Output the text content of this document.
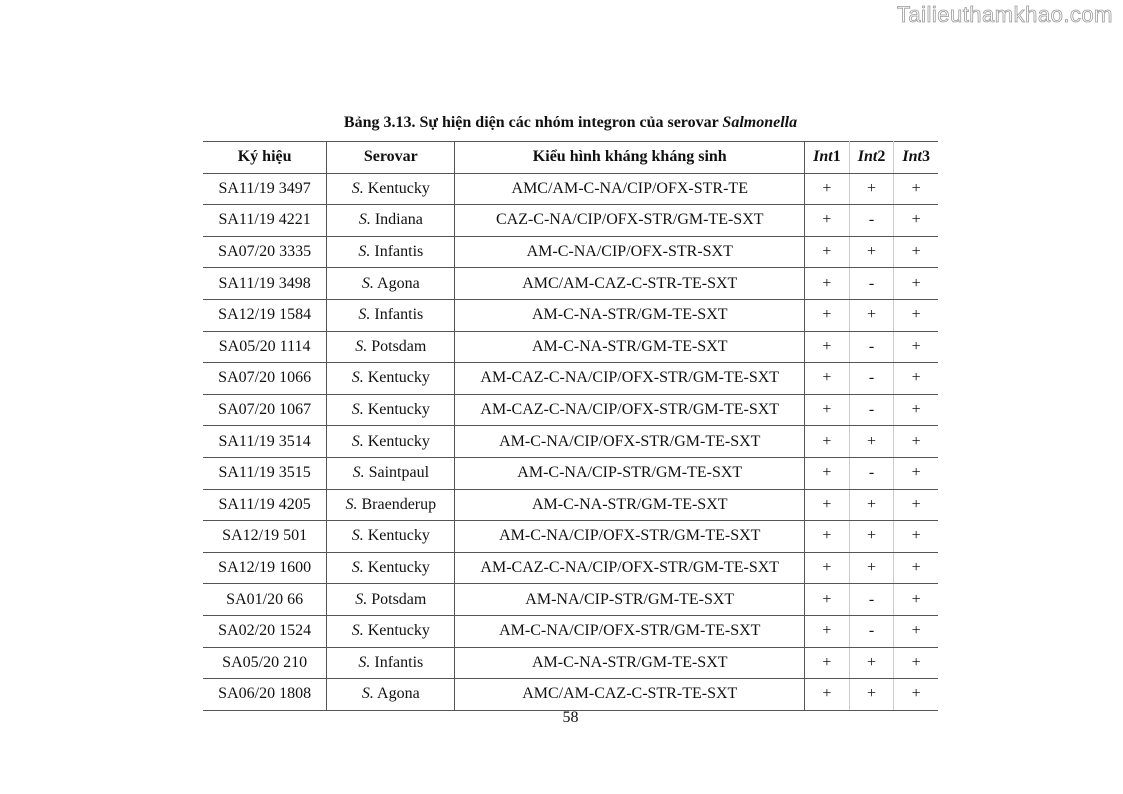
Tailieuthamkhao.com
Bảng 3.13. Sự hiện diện các nhóm integron của serovar Salmonella
Ký hiệu	Serovar	Kiểu hình kháng kháng sinh	Int1	Int2	Int3
SA11/19 3497	S. Kentucky	AMC/AM-C-NA/CIP/OFX-STR-TE	+	+	+
SA11/19 4221	S. Indiana	CAZ-C-NA/CIP/OFX-STR/GM-TE-SXT	+	-	+
SA07/20 3335	S. Infantis	AM-C-NA/CIP/OFX-STR-SXT	+	+	+
SA11/19 3498	S. Agona	AMC/AM-CAZ-C-STR-TE-SXT	+	-	+
SA12/19 1584	S. Infantis	AM-C-NA-STR/GM-TE-SXT	+	+	+
SA05/20 1114	S. Potsdam	AM-C-NA-STR/GM-TE-SXT	+	-	+
SA07/20 1066	S. Kentucky	AM-CAZ-C-NA/CIP/OFX-STR/GM-TE-SXT	+	-	+
SA07/20 1067	S. Kentucky	AM-CAZ-C-NA/CIP/OFX-STR/GM-TE-SXT	+	-	+
SA11/19 3514	S. Kentucky	AM-C-NA/CIP/OFX-STR/GM-TE-SXT	+	+	+
SA11/19 3515	S. Saintpaul	AM-C-NA/CIP-STR/GM-TE-SXT	+	-	+
SA11/19 4205	S. Braenderup	AM-C-NA-STR/GM-TE-SXT	+	+	+
SA12/19 501	S. Kentucky	AM-C-NA/CIP/OFX-STR/GM-TE-SXT	+	+	+
SA12/19 1600	S. Kentucky	AM-CAZ-C-NA/CIP/OFX-STR/GM-TE-SXT	+	+	+
SA01/20 66	S. Potsdam	AM-NA/CIP-STR/GM-TE-SXT	+	-	+
SA02/20 1524	S. Kentucky	AM-C-NA/CIP/OFX-STR/GM-TE-SXT	+	-	+
SA05/20 210	S. Infantis	AM-C-NA-STR/GM-TE-SXT	+	+	+
SA06/20 1808	S. Agona	AMC/AM-CAZ-C-STR-TE-SXT	+	+	+
58
